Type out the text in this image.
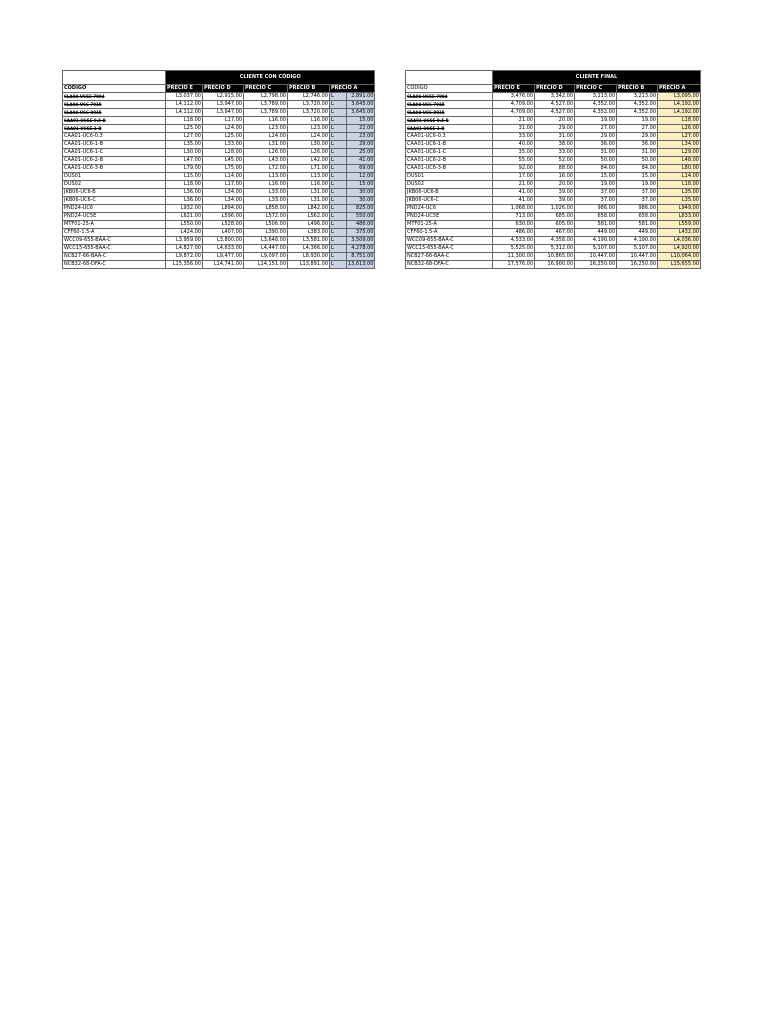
	CLIENTE CON CÓDIGO					
CÓDIGO	PRECIO E	PRECIO D	PRECIO C	PRECIO B	PRECIO A	
CLA04-UCSE-7004	L3,037.00	L2,915.00	L2,798.00	L2,746.00	L	2,891.00
CLA04-UC6-7015	L4,112.00	L3,947.00	L3,789.00	L3,720.00	L	3,645.00
CLA04-UC6-8015	L4,112.00	L3,947.00	L3,789.00	L3,720.00	L	3,645.00
CAA01-UCSE-0.5-B	L18.00	L17.00	L16.00	L16.00	L	15.00
CAA01-UCSE-1-B	L25.00	L24.00	L23.00	L23.00	L	22.00
CAA01-UC6-0.3	L27.00	L25.00	L24.00	L24.00	L	23.00
CAA01-UC6-1-B	L35.00	L33.00	L31.00	L30.00	L	29.00
CAA01-UC6-1-C	L30.00	L28.00	L26.00	L26.00	L	25.00
CAA01-UC6-2-B	L47.00	L45.00	L43.00	L42.00	L	41.00
CAA01-UC6-3-B	L79.00	L75.00	L72.00	L71.00	L	69.00
DUS01	L15.00	L14.00	L13.00	L13.00	L	12.00
DUS02	L18.00	L17.00	L16.00	L16.00	L	15.00
JKB06-UC6-B	L36.00	L34.00	L33.00	L31.00	L	30.00
JKB06-UC6-C	L36.00	L34.00	L33.00	L31.00	L	30.00
PND24-UC6	L932.00	L894.00	L858.00	L842.00	L	825.00
PND24-UC5E	L621.00	L596.00	L572.00	L562.00	L	550.00
MTF01-25-A	L550.00	L528.00	L506.00	L496.00	L	486.00
CFF60-1.5-A	L424.00	L407.00	L390.00	L383.00	L	375.00
WCC09-655-BAA-C	L3,959.00	L3,800.00	L3,648.00	L3,581.00	L	3,509.00
WCC15-655-BAA-C	L4,827.00	L4,633.00	L4,447.00	L4,366.00	L	4,278.00
NCB27-66-BAA-C	L9,872.00	L9,477.00	L9,097.00	L8,930.00	L	8,751.00
NCB32-68-DFA-C	L15,356.00	L14,741.00	L14,151.00	L13,891.00	L	13,613.00
	CLIENTE FINAL				
CÓDIGO	PRECIO E	PRECIO D	PRECIO C	PRECIO B	PRECIO A
CLA04-UCSE-7004	3,476.00	3,342.00	3,213.00	3,213.00	L3,095.00
CLA04-UC6-7015	4,709.00	4,527.00	4,352.00	4,352.00	L4,192.00
CLA04-UC6-8015	4,709.00	4,527.00	4,352.00	4,352.00	L4,192.00
CAA01-UCSE-0.5-B	21.00	20.00	19.00	19.00	L18.00
CAA01-UCSE-1-B	31.00	29.00	27.00	27.00	L26.00
CAA01-UC6-0.3	33.00	31.00	29.00	29.00	L27.00
CAA01-UC6-1-B	40.00	38.00	36.00	36.00	L34.00
CAA01-UC6-1-C	35.00	33.00	31.00	31.00	L29.00
CAA01-UC6-2-B	55.00	52.00	50.00	50.00	L48.00
CAA01-UC6-3-B	92.00	88.00	84.00	84.00	L80.00
DUS01	17.00	16.00	15.00	15.00	L14.00
DUS02	21.00	20.00	19.00	19.00	L18.00
JKB06-UC6-B	41.00	39.00	37.00	37.00	L35.00
JKB06-UC6-C	41.00	39.00	37.00	37.00	L35.00
PND24-UC6	1,068.00	1,026.00	986.00	986.00	L949.00
PND24-UC5E	713.00	685.00	658.00	658.00	L633.00
MTF01-25-A	630.00	605.00	581.00	581.00	L559.00
CFF60-1.5-A	486.00	467.00	449.00	449.00	L432.00
WCC09-655-BAA-C	4,533.00	4,358.00	4,190.00	4,190.00	L4,036.00
WCC15-655-BAA-C	5,525.00	5,312.00	5,107.00	5,107.00	L4,920.00
NCB27-66-BAA-C	11,300.00	10,865.00	10,447.00	10,447.00	L10,064.00
NCB32-68-DFA-C	17,576.00	16,900.00	16,250.00	16,250.00	L15,655.00
